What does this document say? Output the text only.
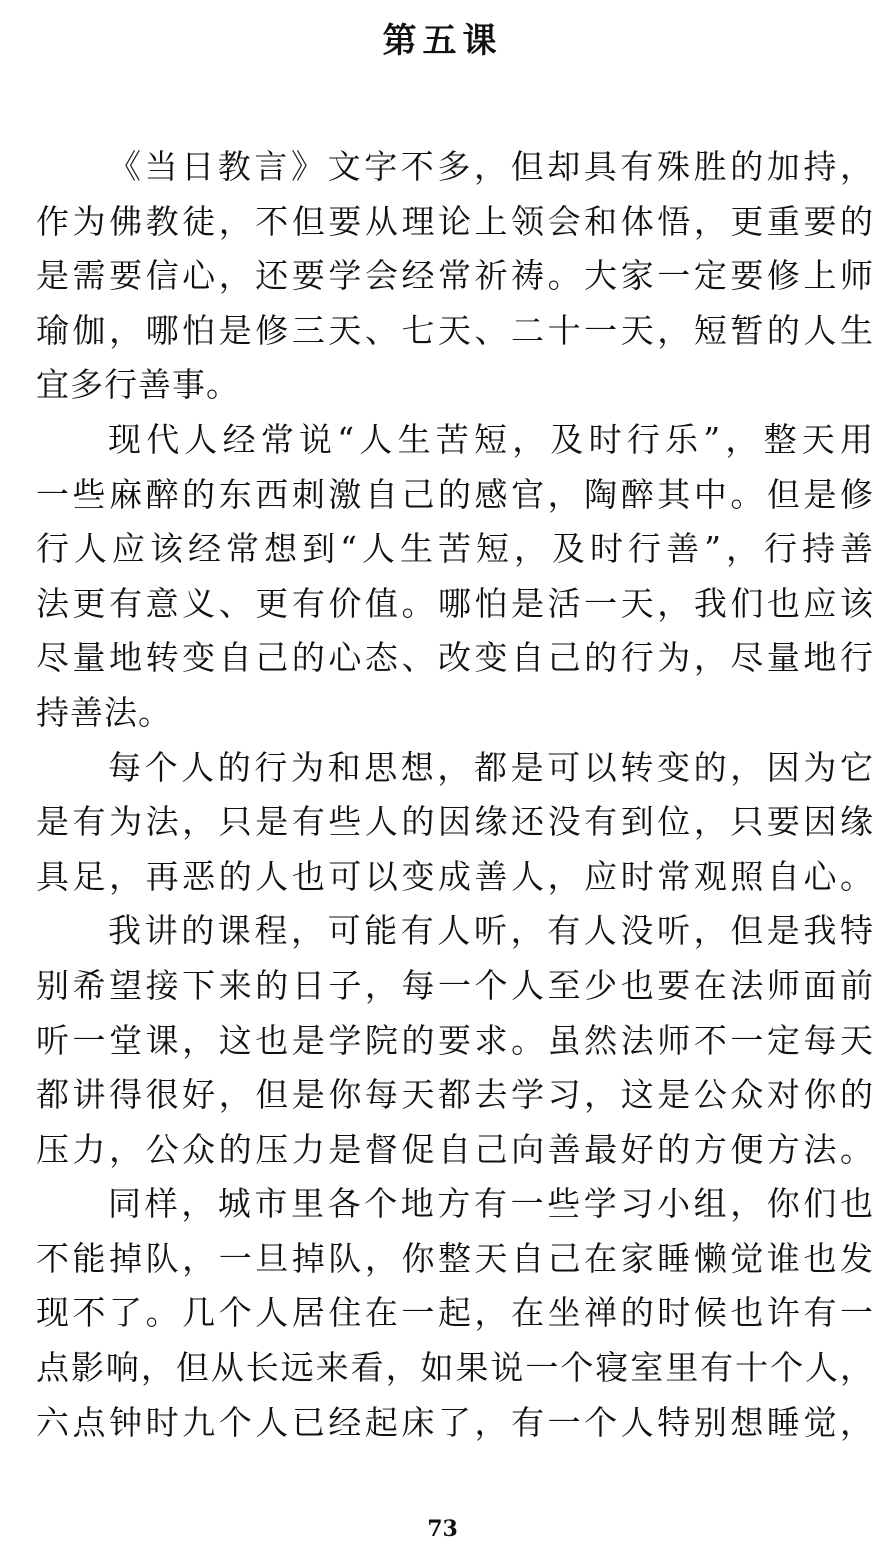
第五课
《当日教言》文字不多，但却具有殊胜的加持，
作为佛教徒，不但要从理论上领会和体悟，更重要的
是需要信心，还要学会经常祈祷。大家一定要修上师
瑜伽，哪怕是修三天、七天、二十一天，短暂的人生
宜多行善事。
现代人经常说“人生苦短，及时行乐”，整天用
一些麻醉的东西刺激自己的感官，陶醉其中。但是修
行人应该经常想到“人生苦短，及时行善”，行持善
法更有意义、更有价值。哪怕是活一天，我们也应该
尽量地转变自己的心态、改变自己的行为，尽量地行
持善法。
每个人的行为和思想，都是可以转变的，因为它
是有为法，只是有些人的因缘还没有到位，只要因缘
具足，再恶的人也可以变成善人，应时常观照自心。
我讲的课程，可能有人听，有人没听，但是我特
别希望接下来的日子，每一个人至少也要在法师面前
听一堂课，这也是学院的要求。虽然法师不一定每天
都讲得很好，但是你每天都去学习，这是公众对你的
压力，公众的压力是督促自己向善最好的方便方法。
同样，城市里各个地方有一些学习小组，你们也
不能掉队，一旦掉队，你整天自己在家睡懒觉谁也发
现不了。几个人居住在一起，在坐禅的时候也许有一
点影响，但从长远来看，如果说一个寝室里有十个人，
六点钟时九个人已经起床了，有一个人特别想睡觉，
73
